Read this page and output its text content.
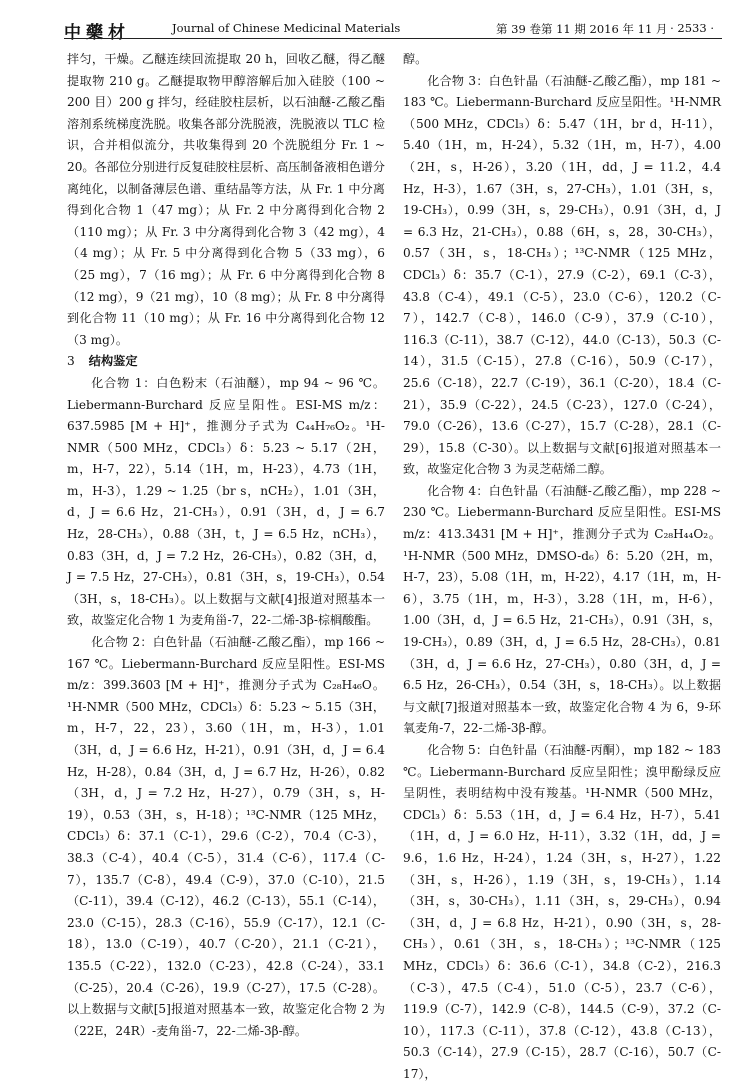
中藥材	Journal of Chinese Medicinal Materials	第 39 卷第 11 期 2016 年 11 月 · 2533 ·

拌匀，干燥。乙醚连续回流提取 20 h，回收乙醚，得乙醚提取物 210 g。乙醚提取物甲醇溶解后加入硅胶（100 ~ 200 目）200 g 拌匀，经硅胶柱层析，以石油醚-乙酸乙酯溶剂系统梯度洗脱。收集各部分洗脱液，洗脱液以 TLC 检识，合并相似流分，共收集得到 20 个洗脱组分 Fr. 1 ~ 20。各部位分别进行反复硅胶柱层析、高压制备液相色谱分离纯化，以制备薄层色谱、重结晶等方法，从 Fr. 1 中分离得到化合物 1（47 mg）；从 Fr. 2 中分离得到化合物 2（110 mg）；从 Fr. 3 中分离得到化合物 3（42 mg），4（4 mg）；从 Fr. 5 中分离得到化合物 5（33 mg），6（25 mg），7（16 mg）；从 Fr. 6 中分离得到化合物 8（12 mg），9（21 mg），10（8 mg）；从 Fr. 8 中分离得到化合物 11（10 mg）；从 Fr. 16 中分离得到化合物 12（3 mg）。

3 结构鉴定

化合物 1：白色粉末（石油醚），mp 94 ~ 96 ℃。Liebermann-Burchard 反应呈阳性。ESI-MS m/z：637.5985 [M + H]⁺，推测分子式为 C₄₄H₇₆O₂。¹H-NMR（500 MHz，CDCl₃）δ：5.23 ~ 5.17（2H，m，H-7，22），5.14（1H，m，H-23），4.73（1H，m，H-3），1.29 ~ 1.25（br s，nCH₂），1.01（3H，d，J = 6.6 Hz，21-CH₃），0.91（3H，d，J = 6.7 Hz，28-CH₃），0.88（3H，t，J = 6.5 Hz，nCH₃），0.83（3H，d，J = 7.2 Hz，26-CH₃），0.82（3H，d，J = 7.5 Hz，27-CH₃），0.81（3H，s，19-CH₃），0.54（3H，s，18-CH₃）。以上数据与文献[4]报道对照基本一致，故鉴定化合物 1 为麦角甾-7，22-二烯-3β-棕榈酸酯。

化合物 2：白色针晶（石油醚-乙酸乙酯），mp 166 ~ 167 ℃。Liebermann-Burchard 反应呈阳性。ESI-MS m/z：399.3603 [M + H]⁺，推测分子式为 C₂₈H₄₆O。¹H-NMR（500 MHz，CDCl₃）δ：5.23 ~ 5.15（3H，m，H-7，22，23），3.60（1H，m，H-3），1.01（3H，d，J = 6.6 Hz，H-21），0.91（3H，d，J = 6.4 Hz，H-28），0.84（3H，d，J = 6.7 Hz，H-26），0.82（3H，d，J = 7.2 Hz，H-27），0.79（3H，s，H-19），0.53（3H，s，H-18）；¹³C-NMR（125 MHz，CDCl₃）δ：37.1（C-1），29.6（C-2），70.4（C-3），38.3（C-4），40.4（C-5），31.4（C-6），117.4（C-7），135.7（C-8），49.4（C-9），37.0（C-10），21.5（C-11），39.4（C-12），46.2（C-13），55.1（C-14），23.0（C-15），28.3（C-16），55.9（C-17），12.1（C-18），13.0（C-19），40.7（C-20），21.1（C-21），135.5（C-22），132.0（C-23），42.8（C-24），33.1（C-25），20.4（C-26），19.9（C-27），17.5（C-28）。以上数据与文献[5]报道对照基本一致，故鉴定化合物 2 为（22E，24R）-麦角甾-7，22-二烯-3β-醇。

醇。

化合物 3：白色针晶（石油醚-乙酸乙酯），mp 181 ~ 183 ℃。Liebermann-Burchard 反应呈阳性。¹H-NMR（500 MHz，CDCl₃）δ：5.47（1H，br d，H-11），5.40（1H，m，H-24），5.32（1H，m，H-7），4.00（2H，s，H-26），3.20（1H，dd，J = 11.2，4.4 Hz，H-3），1.67（3H，s，27-CH₃），1.01（3H，s，19-CH₃），0.99（3H，s，29-CH₃），0.91（3H，d，J = 6.3 Hz，21-CH₃），0.88（6H，s，28，30-CH₃），0.57（3H，s，18-CH₃）；¹³C-NMR（125 MHz，CDCl₃）δ：35.7（C-1），27.9（C-2），69.1（C-3），43.8（C-4），49.1（C-5），23.0（C-6），120.2（C-7），142.7（C-8），146.0（C-9），37.9（C-10），116.3（C-11），38.7（C-12），44.0（C-13），50.3（C-14），31.5（C-15），27.8（C-16），50.9（C-17），25.6（C-18），22.7（C-19），36.1（C-20），18.4（C-21），35.9（C-22），24.5（C-23），127.0（C-24），79.0（C-26），13.6（C-27），15.7（C-28），28.1（C-29），15.8（C-30）。以上数据与文献[6]报道对照基本一致，故鉴定化合物 3 为灵芝萜烯二醇。

化合物 4：白色针晶（石油醚-乙酸乙酯），mp 228 ~ 230 ℃。Liebermann-Burchard 反应呈阳性。ESI-MS m/z：413.3431 [M + H]⁺，推测分子式为 C₂₈H₄₄O₂。¹H-NMR（500 MHz，DMSO-d₆）δ：5.20（2H，m，H-7，23），5.08（1H，m，H-22），4.17（1H，m，H-6），3.75（1H，m，H-3），3.28（1H，m，H-6），1.00（3H，d，J = 6.5 Hz，21-CH₃），0.91（3H，s，19-CH₃），0.89（3H，d，J = 6.5 Hz，28-CH₃），0.81（3H，d，J = 6.6 Hz，27-CH₃），0.80（3H，d，J = 6.5 Hz，26-CH₃），0.54（3H，s，18-CH₃）。以上数据与文献[7]报道对照基本一致，故鉴定化合物 4 为 6，9-环氧麦角-7，22-二烯-3β-醇。

化合物 5：白色针晶（石油醚-丙酮），mp 182 ~ 183 ℃。Liebermann-Burchard 反应呈阳性；溴甲酚绿反应呈阴性，表明结构中没有羧基。¹H-NMR（500 MHz，CDCl₃）δ：5.53（1H，d，J = 6.4 Hz，H-7），5.41（1H，d，J = 6.0 Hz，H-11），3.32（1H，dd，J = 9.6，1.6 Hz，H-24），1.24（3H，s，H-27），1.22（3H，s，H-26），1.19（3H，s，19-CH₃），1.14（3H，s，30-CH₃），1.11（3H，s，29-CH₃），0.94（3H，d，J = 6.8 Hz，H-21），0.90（3H，s，28-CH₃），0.61（3H，s，18-CH₃）；¹³C-NMR（125 MHz，CDCl₃）δ：36.6（C-1），34.8（C-2），216.3（C-3），47.5（C-4），51.0（C-5），23.7（C-6），119.9（C-7），142.9（C-8），144.5（C-9），37.2（C-10），117.3（C-11），37.8（C-12），43.8（C-13），50.3（C-14），27.9（C-15），28.7（C-16），50.7（C-17），
